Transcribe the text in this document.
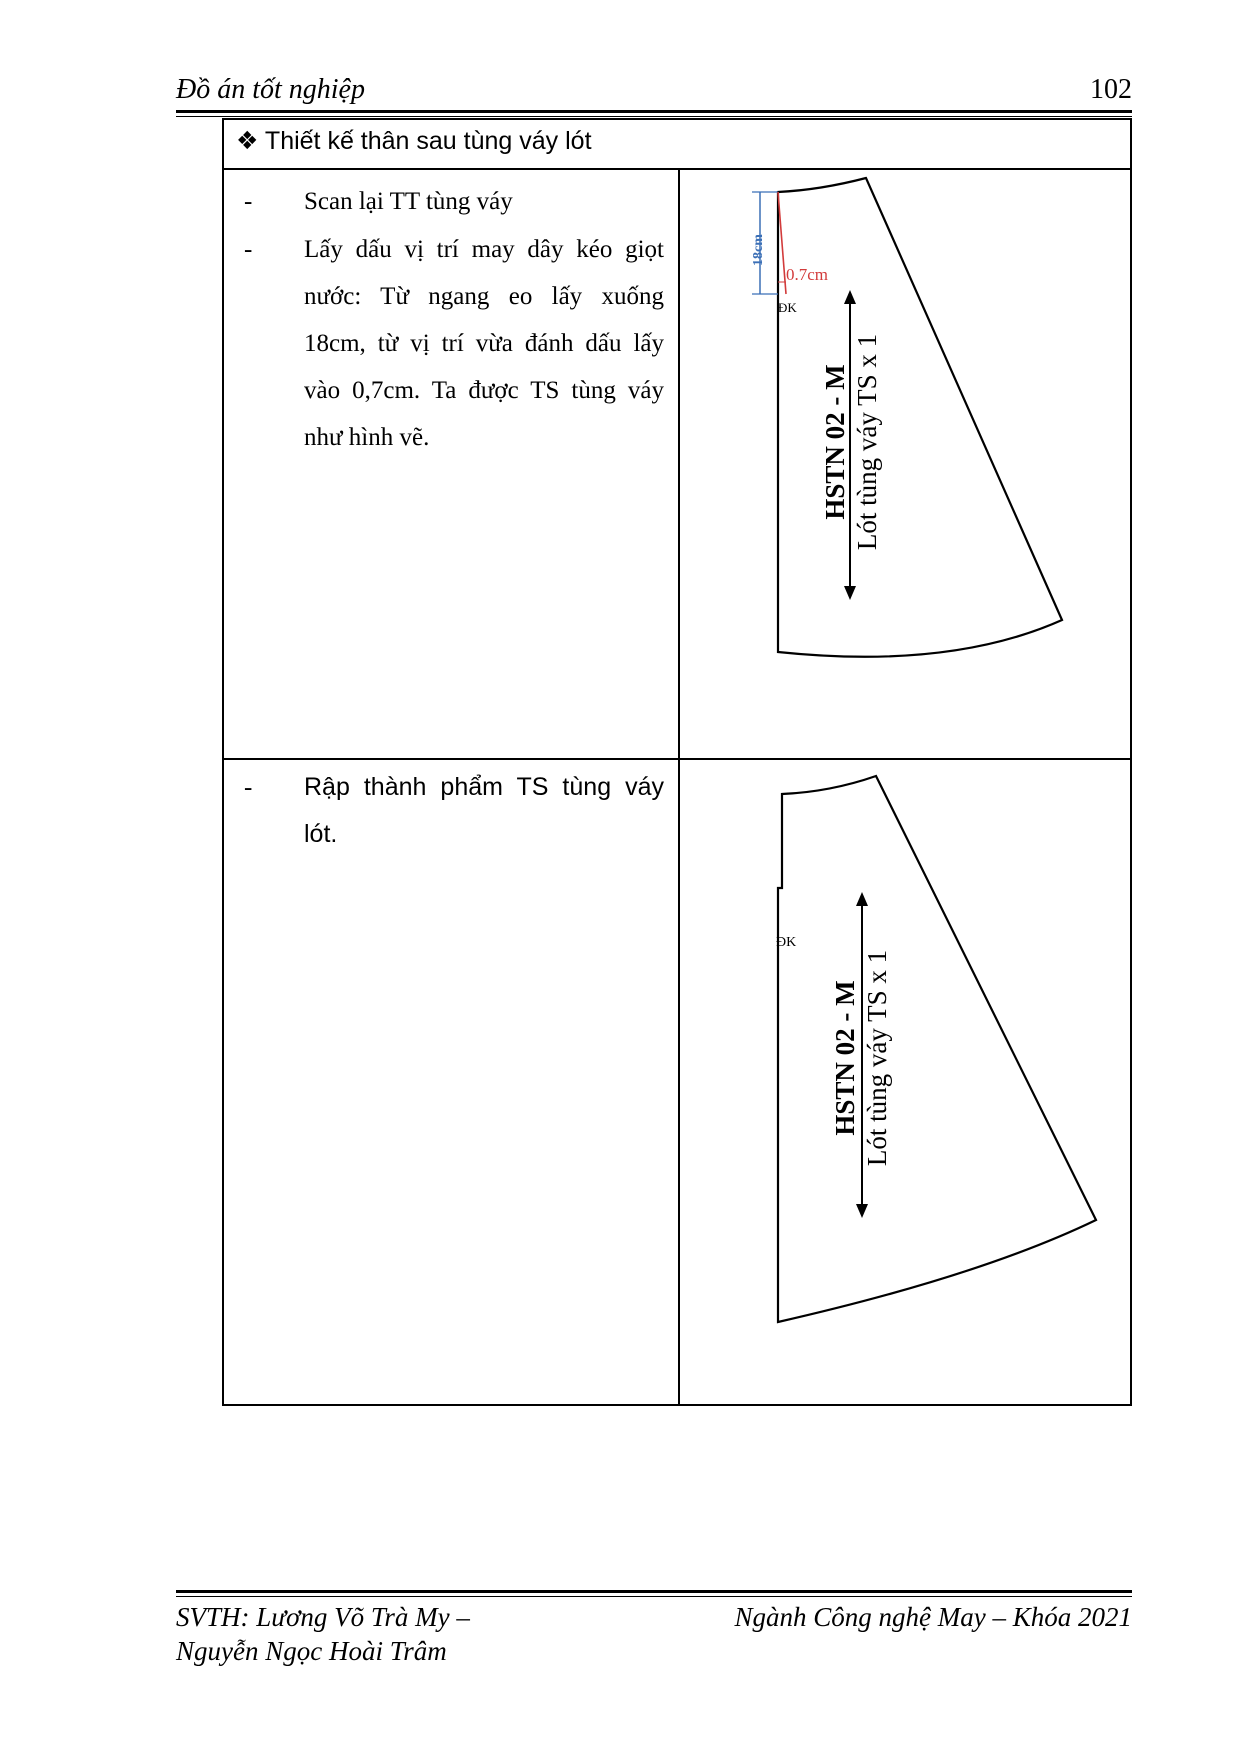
Đồ án tốt nghiệp	102
❖ Thiết kế thân sau tùng váy lót
- Scan lại TT tùng váy
- Lấy dấu vị trí may dây kéo giọt nước: Từ ngang eo lấy xuống 18cm, từ vị trí vừa đánh dấu lấy vào 0,7cm. Ta được TS tùng váy như hình vẽ.
18cm
0.7cm
ĐK
HSTN 02 - M Lót tùng váy TS x 1
- Rập thành phẩm TS tùng váy lót.
ĐK
HSTN 02 - M Lót tùng váy TS x 1
SVTH: Lương Võ Trà My –
Nguyễn Ngọc Hoài Trâm
Ngành Công nghệ May – Khóa 2021
